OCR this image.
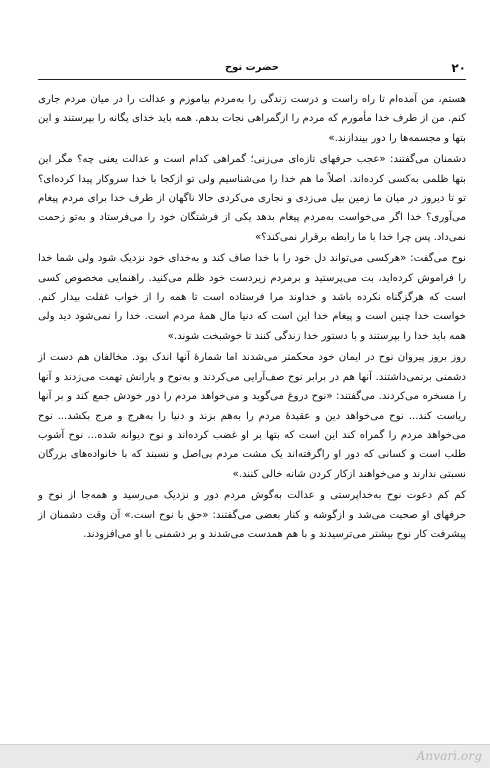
۲۰
حضرت نوح

هستم، من آمده‌ام تا راه راست و درست زندگی را به‌مردم بیاموزم و عدالت را در میان مردم جاری کنم. من از طرف خدا مأمورم که مردم را ازگمراهی نجات بدهم. همه باید خدای یگانه را بپرستند و این بتها و مجسمه‌ها را دور بیندازند.»

دشمنان می‌گفتند: «عجب حرفهای تازه‌ای می‌زنی؛ گمراهی کدام است و عدالت یعنی چه؟ مگر این بتها ظلمی به‌کسی کرده‌اند. اصلاً ما هم خدا را می‌شناسیم ولی تو ازکجا با خدا سروکار پیدا کرده‌ای؟ تو تا دیروز در میان ما زمین بیل می‌زدی و نجاری می‌کردی حالا ناگهان از طرف خدا برای مردم پیغام می‌آوری؟ خدا اگر می‌خواست به‌مردم پیغام بدهد یکی از فرشتگان خود را می‌فرستاد و به‌تو زحمت نمی‌داد. پس چرا خدا با ما رابطه برقرار نمی‌کند؟»

نوح می‌گفت: «هرکسی می‌تواند دل خود را با خدا صاف کند و به‌خدای خود نزدیک شود ولی شما خدا را فراموش کرده‌اید، بت می‌پرستید و برمردم زیردست خود ظلم می‌کنید. راهنمایی مخصوص کسی است که هرگزگناه نکرده باشد و خداوند مرا فرستاده است تا همه را از خواب غفلت بیدار کنم. خواست خدا چنین است و پیغام خدا این است که دنیا مال همهٔ مردم است. خدا را نمی‌شود دید ولی همه باید خدا را بپرستند و با دستور خدا زندگی کنند تا خوشبخت شوند.»

روز بروز پیروان نوح در ایمان خود محکمتر می‌شدند اما شمارهٔ آنها اندک بود. مخالفان هم دست از دشمنی برنمی‌داشتند. آنها هم در برابر نوح صف‌آرایی می‌کردند و به‌نوح و یارانش تهمت می‌زدند و آنها را مسخره می‌کردند. می‌گفتند: «نوح دروغ می‌گوید و می‌خواهد مردم را دور خودش جمع کند و بر آنها ریاست کند... نوح می‌خواهد دین و عقیدهٔ مردم را به‌هم بزند و دنیا را به‌هرج و مرج بکشد... نوح می‌خواهد مردم را گمراه کند این است که بتها بر او غضب کرده‌اند و نوح دیوانه شده... نوح آشوب طلب است و کسانی که دور او راگرفته‌اند یک مشت مردم بی‌اصل و نسبند که با خانواده‌های بزرگان نسبتی ندارند و می‌خواهند ازکار کردن شانه خالی کنند.»

کم کم دعوت نوح به‌خداپرستی و عدالت به‌گوش مردم دور و نزدیک می‌رسید و همه‌جا از نوح و حرفهای او صحبت می‌شد و ازگوشه و کنار بعضی می‌گفتند: «حق با نوح است.» آن وقت دشمنان از پیشرفت کار نوح بیشتر می‌ترسیدند و با هم همدست می‌شدند و بر دشمنی با او می‌افزودند.

Anvari.org
